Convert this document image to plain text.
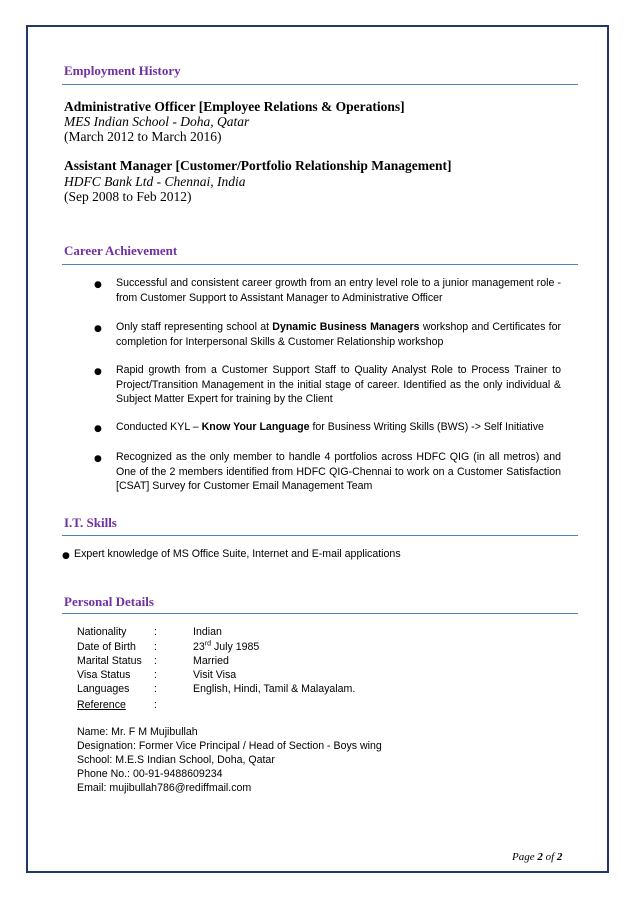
Employment History
Administrative Officer [Employee Relations & Operations]
MES Indian School - Doha, Qatar
(March 2012 to March 2016)
Assistant Manager [Customer/Portfolio Relationship Management]
HDFC Bank Ltd - Chennai, India
(Sep 2008 to Feb 2012)
Career Achievement
● Successful and consistent career growth from an entry level role to a junior management role - from Customer Support to Assistant Manager to Administrative Officer
● Only staff representing school at Dynamic Business Managers workshop and Certificates for completion for Interpersonal Skills & Customer Relationship workshop
● Rapid growth from a Customer Support Staff to Quality Analyst Role to Process Trainer to Project/Transition Management in the initial stage of career. Identified as the only individual & Subject Matter Expert for training by the Client
● Conducted KYL – Know Your Language for Business Writing Skills (BWS) -> Self Initiative
● Recognized as the only member to handle 4 portfolios across HDFC QIG (in all metros) and One of the 2 members identified from HDFC QIG-Chennai to work on a Customer Satisfaction [CSAT] Survey for Customer Email Management Team
I.T. Skills
● Expert knowledge of MS Office Suite, Internet and E-mail applications
Personal Details
Nationality	:	Indian
Date of Birth :	23rd July 1985
Marital Status :	Married
Visa Status :	Visit Visa
Languages :	English, Hindi, Tamil & Malayalam.
Reference	:
Name: Mr. F M Mujibullah
Designation: Former Vice Principal / Head of Section - Boys wing
School: M.E.S Indian School, Doha, Qatar
Phone No.: 00-91-9488609234
Email: mujibullah786@rediffmail.com
Page 2 of 2
